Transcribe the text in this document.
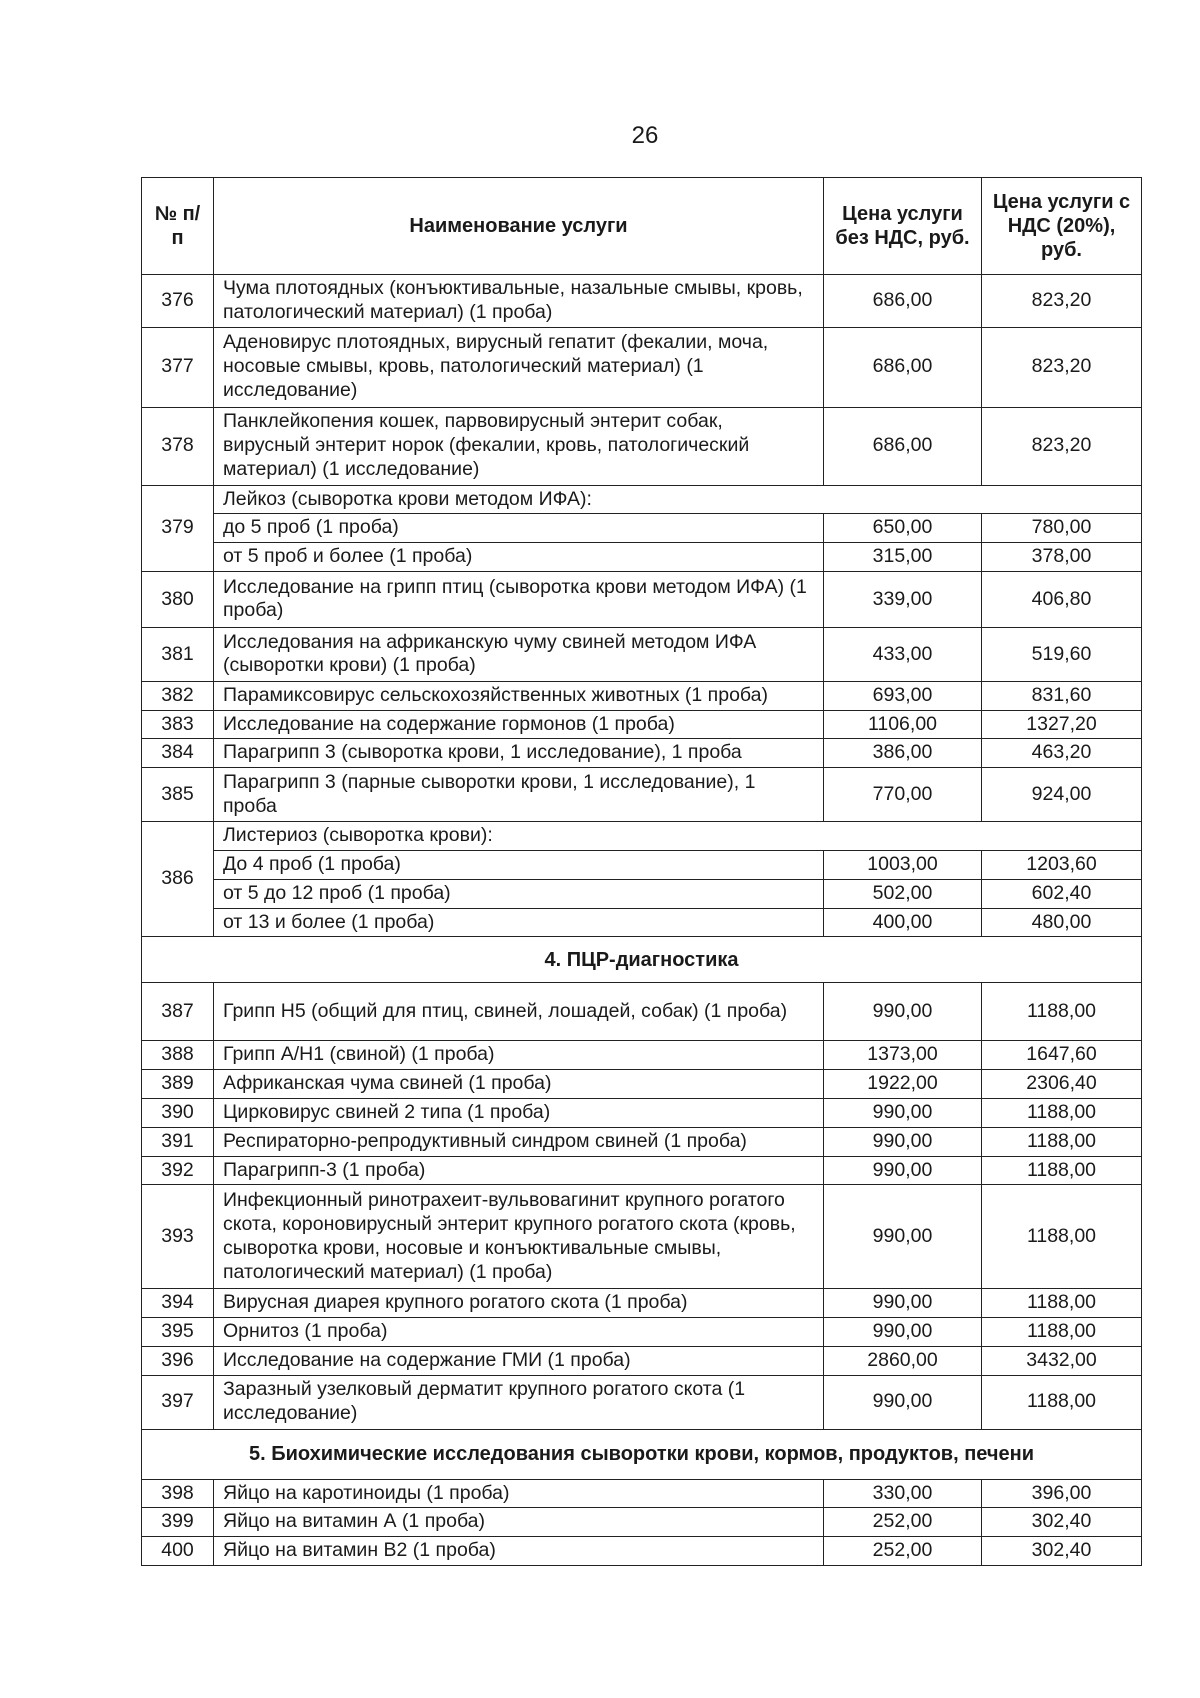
26
№ п/п	Наименование услуги	Цена услуги без НДС, руб.	Цена услуги с НДС (20%), руб.
376	Чума плотоядных (конъюктивальные, назальные смывы, кровь, патологический материал) (1 проба)	686,00	823,20
377	Аденовирус плотоядных, вирусный гепатит (фекалии, моча, носовые смывы, кровь, патологический материал) (1 исследование)	686,00	823,20
378	Панклейкопения кошек, парвовирусный энтерит собак, вирусный энтерит норок (фекалии, кровь, патологический материал) (1 исследование)	686,00	823,20
379	Лейкоз (сыворотка крови методом ИФА):		
	до 5 проб (1 проба)	650,00	780,00
	от 5 проб и более (1 проба)	315,00	378,00
380	Исследование на грипп птиц (сыворотка крови методом ИФА) (1 проба)	339,00	406,80
381	Исследования на африканскую чуму свиней методом ИФА (сыворотки крови) (1 проба)	433,00	519,60
382	Парамиксовирус сельскохозяйственных животных (1 проба)	693,00	831,60
383	Исследование на содержание гормонов (1 проба)	1106,00	1327,20
384	Парагрипп 3 (сыворотка крови, 1 исследование), 1 проба	386,00	463,20
385	Парагрипп 3 (парные сыворотки крови, 1 исследование), 1 проба	770,00	924,00
386	Листериоз (сыворотка крови):		
	До 4 проб (1 проба)	1003,00	1203,60
	от 5 до 12 проб (1 проба)	502,00	602,40
	от 13 и более (1 проба)	400,00	480,00
4. ПЦР-диагностика			
387	Грипп Н5 (общий для птиц, свиней, лошадей, собак) (1 проба)	990,00	1188,00
388	Грипп А/Н1 (свиной) (1 проба)	1373,00	1647,60
389	Африканская чума свиней (1 проба)	1922,00	2306,40
390	Цирковирус свиней 2 типа (1 проба)	990,00	1188,00
391	Респираторно-репродуктивный синдром свиней (1 проба)	990,00	1188,00
392	Парагрипп-3 (1 проба)	990,00	1188,00
393	Инфекционный ринотрахеит-вульвовагинит крупного рогатого скота, короновирусный энтерит крупного рогатого скота (кровь, сыворотка крови, носовые и конъюктивальные смывы, патологический материал) (1 проба)	990,00	1188,00
394	Вирусная диарея крупного рогатого скота (1 проба)	990,00	1188,00
395	Орнитоз (1 проба)	990,00	1188,00
396	Исследование на содержание ГМИ (1 проба)	2860,00	3432,00
397	Заразный узелковый дерматит крупного рогатого скота (1 исследование)	990,00	1188,00
5. Биохимические исследования сыворотки крови, кормов, продуктов, печени			
398	Яйцо на каротиноиды (1 проба)	330,00	396,00
399	Яйцо на витамин А (1 проба)	252,00	302,40
400	Яйцо на витамин В2 (1 проба)	252,00	302,40
